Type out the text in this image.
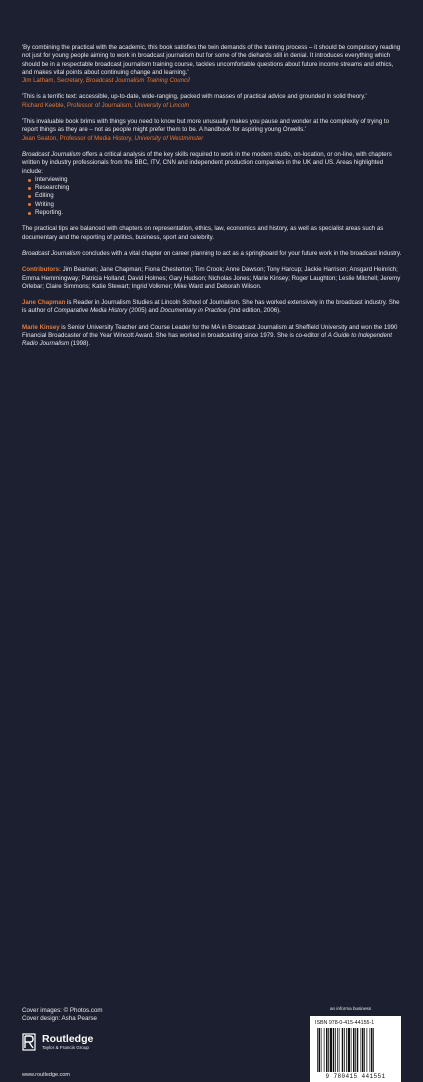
'By combining the practical with the academic, this book satisfies the twin demands of the training process – it should be compulsory reading not just for young people aiming to work in broadcast journalism but for some of the diehards still in denial. It introduces everything which should be in a respectable broadcast journalism training course, tackles uncomfortable questions about future income streams and ethics, and makes vital points about continuing change and learning.'
Jim Latham, Secretary, Broadcast Journalism Training Council
'This is a terrific text: accessible, up-to-date, wide-ranging, packed with masses of practical advice and grounded in solid theory.'
Richard Keeble, Professor of Journalism, University of Lincoln
'This invaluable book brims with things you need to know but more unusually makes you pause and wonder at the complexity of trying to report things as they are – not as people might prefer them to be. A handbook for aspiring young Orwells.'
Jean Seaton, Professor of Media History, University of Westminster
Broadcast Journalism offers a critical analysis of the key skills required to work in the modern studio, on-location, or on-line, with chapters written by industry professionals from the BBC, ITV, CNN and independent production companies in the UK and US. Areas highlighted include:
Interviewing
Researching
Editing
Writing
Reporting.
The practical tips are balanced with chapters on representation, ethics, law, economics and history, as well as specialist areas such as documentary and the reporting of politics, business, sport and celebrity.
Broadcast Journalism concludes with a vital chapter on career planning to act as a springboard for your future work in the broadcast industry.
Contributors: Jim Beaman; Jane Chapman; Fiona Chesterton; Tim Crook; Anne Dawson; Tony Harcup; Jackie Harrison; Ansgard Heinrich; Emma Hemmingway; Patricia Holland; David Holmes; Gary Hudson; Nicholas Jones; Marie Kinsey; Roger Laughton; Leslie Mitchell; Jeremy Orlebar; Claire Simmons; Katie Stewart; Ingrid Volkmer; Mike Ward and Deborah Wilson.
Jane Chapman is Reader in Journalism Studies at Lincoln School of Journalism. She has worked extensively in the broadcast industry. She is author of Comparative Media History (2005) and Documentary in Practice (2nd edition, 2006).
Marie Kinsey is Senior University Teacher and Course Leader for the MA in Broadcast Journalism at Sheffield University and won the 1990 Financial Broadcaster of the Year Wincott Award. She has worked in broadcasting since 1979. She is co-editor of A Guide to Independent Radio Journalism (1998).
Cover images: © Photos.com
Cover design: Asha Pearse
Routledge
Taylor & Francis Group
www.routledge.com
an informa business
ISBN 978-0-415-44155-1
9 780415 441551
